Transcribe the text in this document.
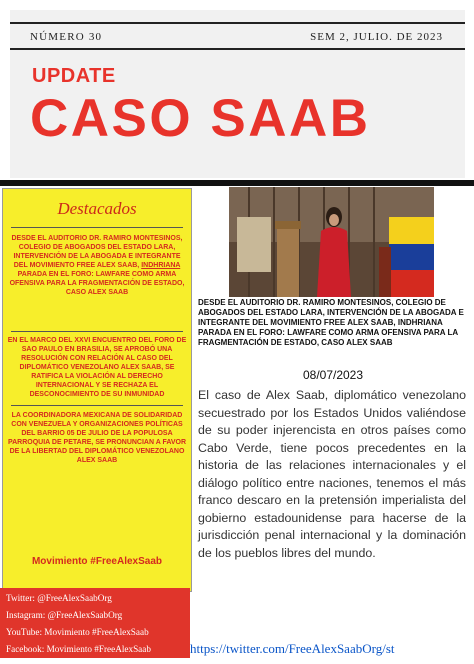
NÚMERO 30	SEM 2, JULIO. DE 2023
UPDATE
CASO SAAB
Destacados
DESDE EL AUDITORIO DR. RAMIRO MONTESINOS, COLEGIO DE ABOGADOS DEL ESTADO LARA, INTERVENCIÓN DE LA ABOGADA E INTEGRANTE DEL MOVIMIENTO FREE ALEX SAAB, INDHRIANA PARADA EN EL FORO: LAWFARE COMO ARMA OFENSIVA PARA LA FRAGMENTACIÓN DE ESTADO, CASO ALEX SAAB
EN EL MARCO DEL XXVI ENCUENTRO DEL FORO DE SAO PAULO EN BRASILIA, SE APROBÓ UNA RESOLUCIÓN CON RELACIÓN AL CASO DEL DIPLOMÁTICO VENEZOLANO ALEX SAAB, SE RATIFICA LA VIOLACIÓN AL DERECHO INTERNACIONAL Y SE RECHAZA EL DESCONOCIMIENTO DE SU INMUNIDAD
LA COORDINADORA MEXICANA DE SOLIDARIDAD CON VENEZUELA Y ORGANIZACIONES POLÍTICAS DEL BARRIO 05 DE JULIO DE LA POPULOSA PARROQUIA DE PETARE, SE PRONUNCIAN A FAVOR DE LA LIBERTAD DEL DIPLOMÁTICO VENEZOLANO ALEX SAAB
Movimiento #FreeAlexSaab
Twitter: @FreeAlexSaabOrg
Instagram: @FreeAlexSaabOrg
YouTube: Movimiento #FreeAlexSaab
Facebook: Movimiento #FreeAlexSaab
DESDE EL AUDITORIO DR. RAMIRO MONTESINOS, COLEGIO DE ABOGADOS DEL ESTADO LARA, INTERVENCIÓN DE LA ABOGADA E INTEGRANTE DEL MOVIMIENTO FREE ALEX SAAB, INDHRIANA PARADA EN EL FORO: LAWFARE COMO ARMA OFENSIVA PARA LA FRAGMENTACIÓN DE ESTADO, CASO ALEX SAAB
08/07/2023
El caso de Alex Saab, diplomático venezolano secuestrado por los Estados Unidos valiéndose de su poder injerencista en otros países como Cabo Verde, tiene pocos precedentes en la historia de las relaciones internacionales y el diálogo político entre naciones, tenemos el más franco descaro en la pretensión imperialista del gobierno estadounidense para hacerse de la jurisdicción penal internacional y la dominación de los pueblos libres del mundo.
https://twitter.com/FreeAlexSaabOrg/st
